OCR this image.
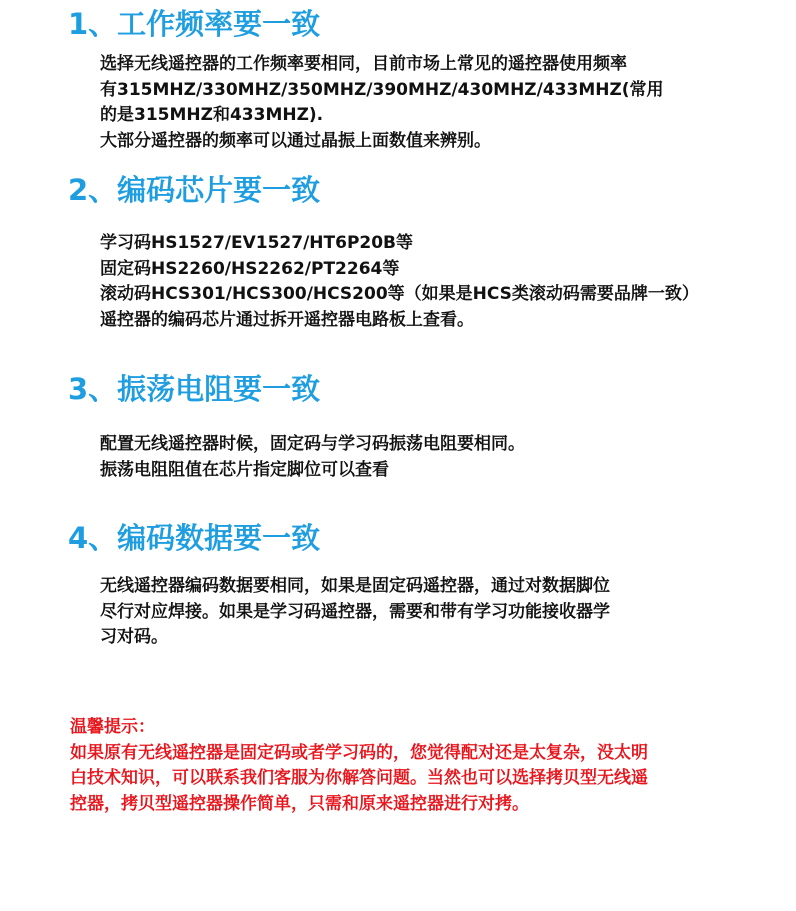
1、工作频率要一致

选择无线遥控器的工作频率要相同，目前市场上常见的遥控器使用频率

有315MHZ/330MHZ/350MHZ/390MHZ/430MHZ/433MHZ(常用

的是315MHZ和433MHZ).

大部分遥控器的频率可以通过晶振上面数值来辨别。

2、编码芯片要一致

学习码HS1527/EV1527/HT6P20B等

固定码HS2260/HS2262/PT2264等

滚动码HCS301/HCS300/HCS200等（如果是HCS类滚动码需要品牌一致）

遥控器的编码芯片通过拆开遥控器电路板上查看。

3、振荡电阻要一致

配置无线遥控器时候，固定码与学习码振荡电阻要相同。

振荡电阻阻值在芯片指定脚位可以查看

4、编码数据要一致

无线遥控器编码数据要相同，如果是固定码遥控器，通过对数据脚位

尽行对应焊接。如果是学习码遥控器，需要和带有学习功能接收器学

习对码。

温馨提示：

如果原有无线遥控器是固定码或者学习码的，您觉得配对还是太复杂，没太明

白技术知识，可以联系我们客服为你解答问题。当然也可以选择拷贝型无线遥

控器，拷贝型遥控器操作简单，只需和原来遥控器进行对拷。
